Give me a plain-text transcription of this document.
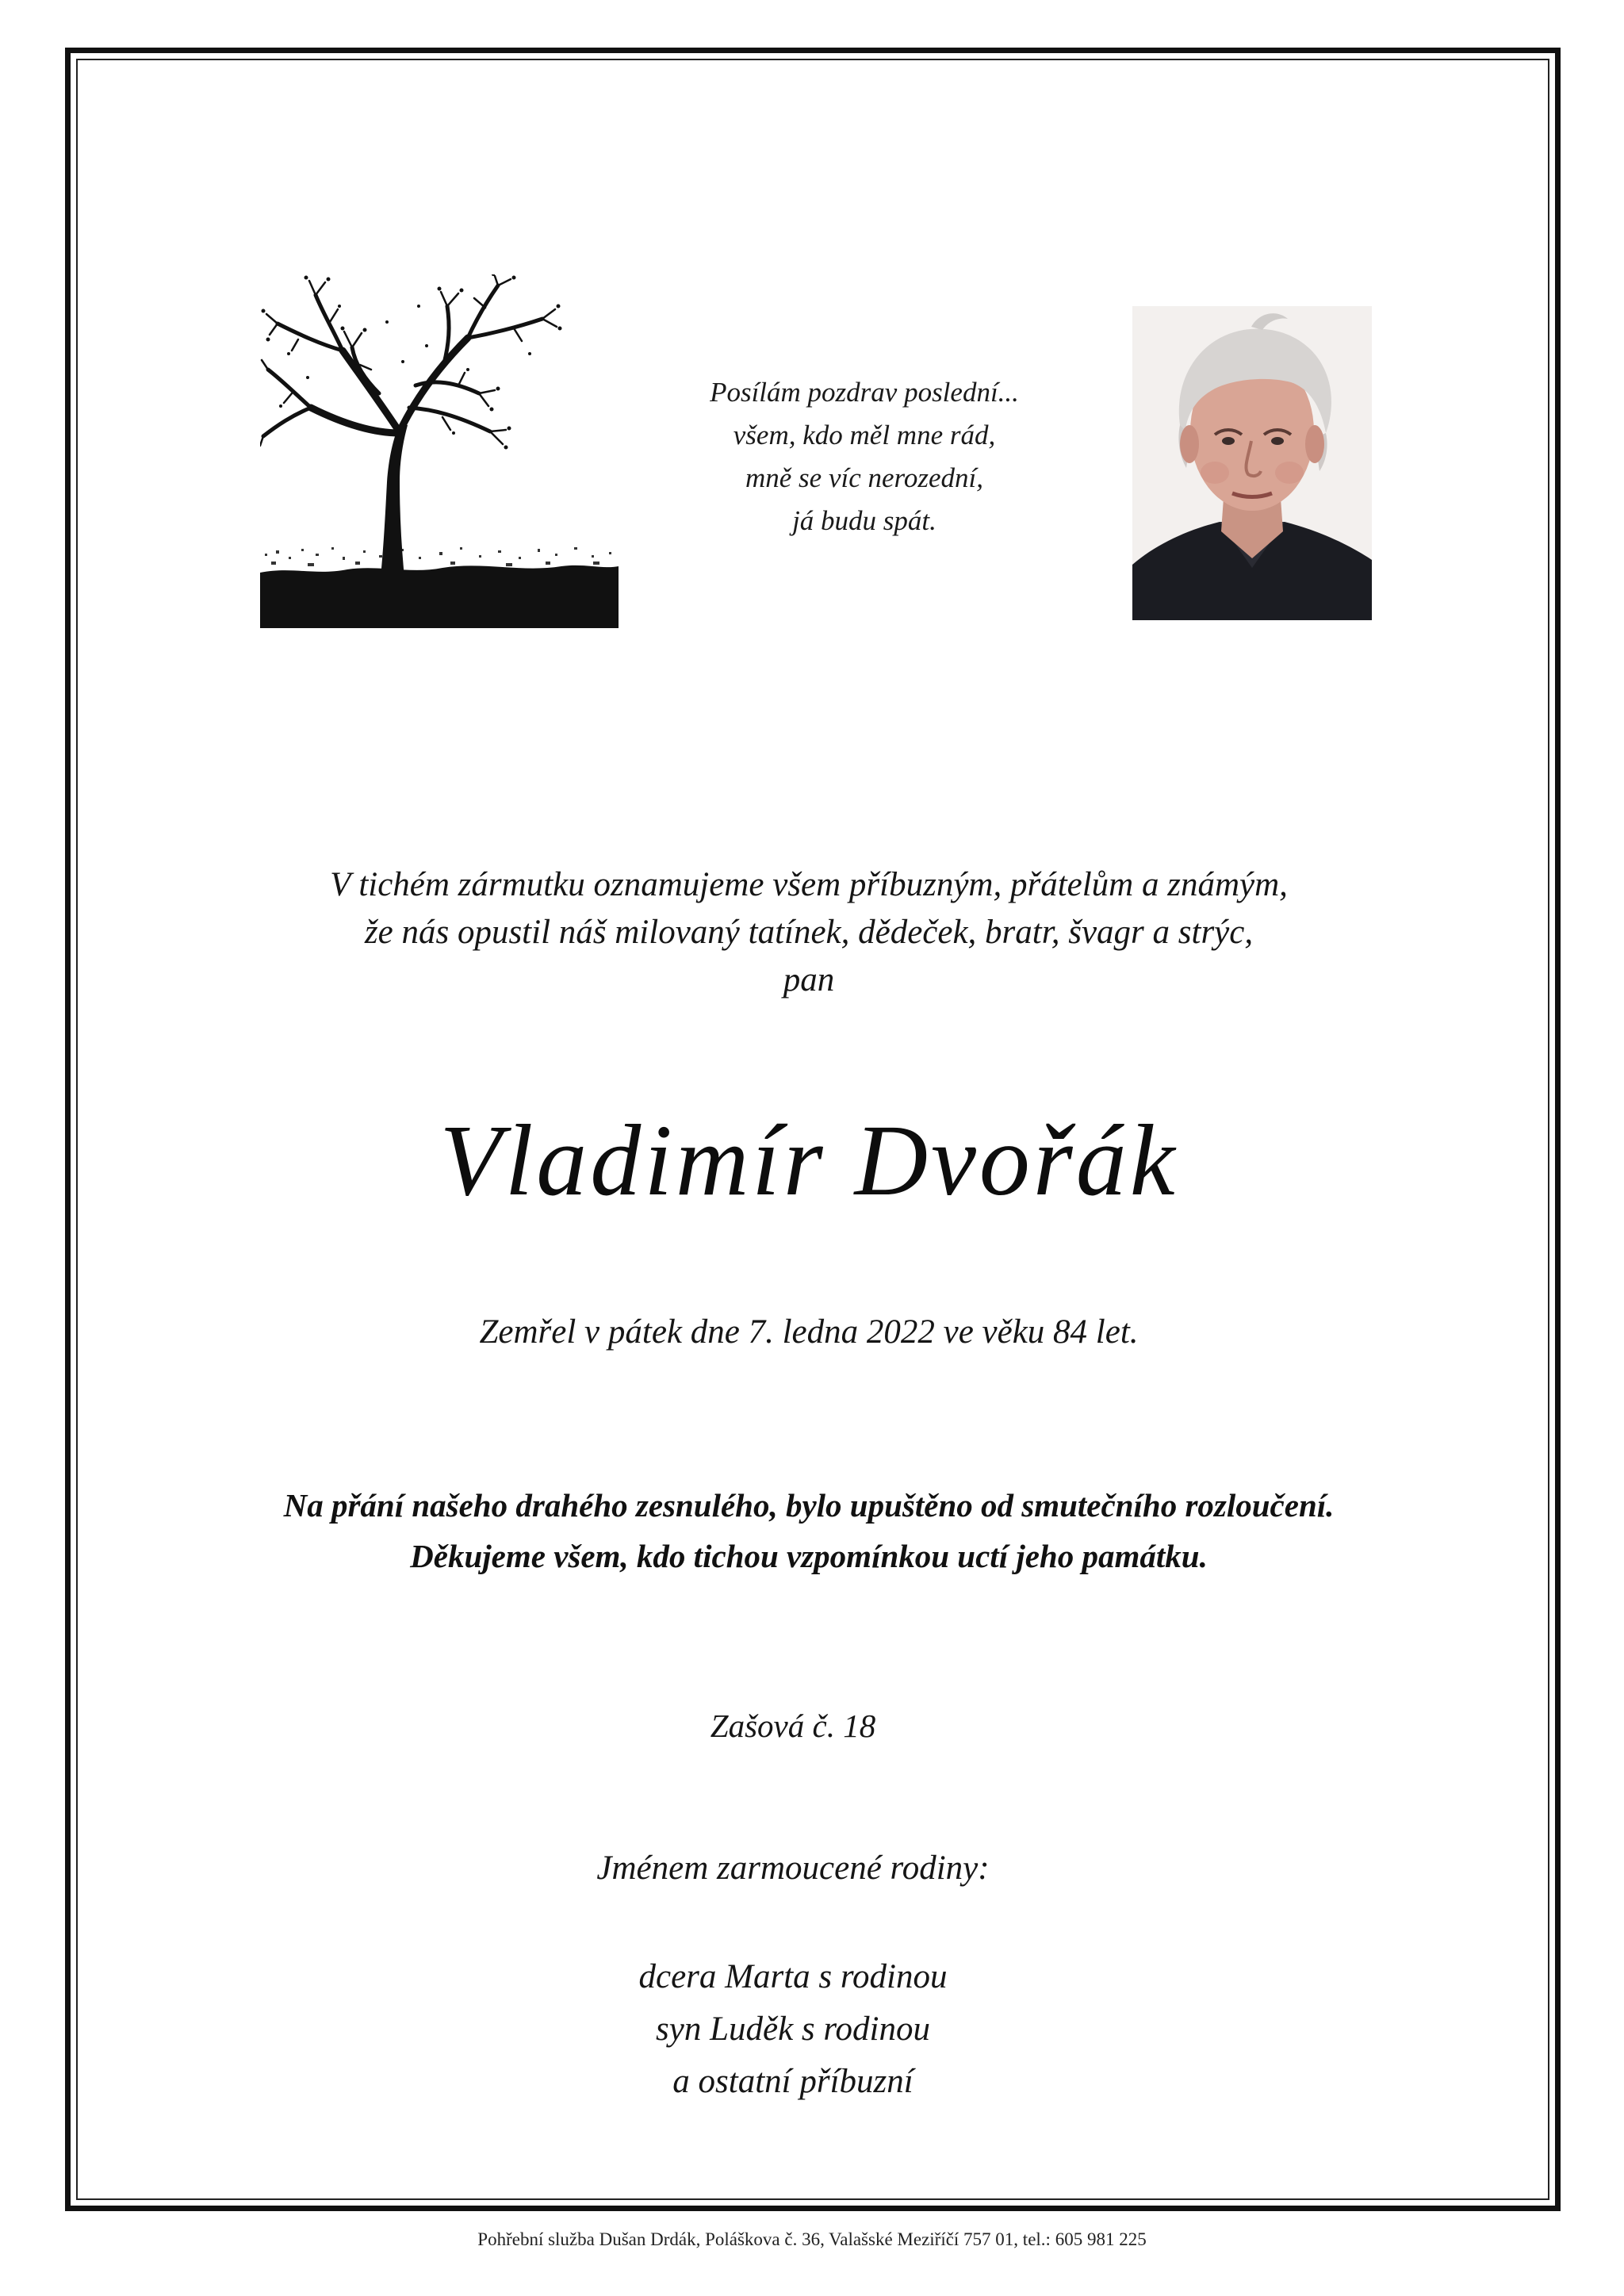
Posílám pozdrav poslední...
všem, kdo měl mne rád,
mně se víc nerozední,
já budu spát.
V tichém zármutku oznamujeme všem příbuzným, přátelům a známým,
že nás opustil náš milovaný tatínek, dědeček, bratr, švagr a strýc,
pan
Vladimír Dvořák
Zemřel v pátek dne 7. ledna 2022 ve věku 84 let.
Na přání našeho drahého zesnulého, bylo upuštěno od smutečního rozloučení.
Děkujeme všem, kdo tichou vzpomínkou uctí jeho památku.
Zašová č. 18
Jménem zarmoucené rodiny:
dcera Marta s rodinou
syn Luděk s rodinou
a ostatní příbuzní
Pohřební služba Dušan Drdák, Poláškova č. 36, Valašské Meziříčí 757 01, tel.: 605 981 225
